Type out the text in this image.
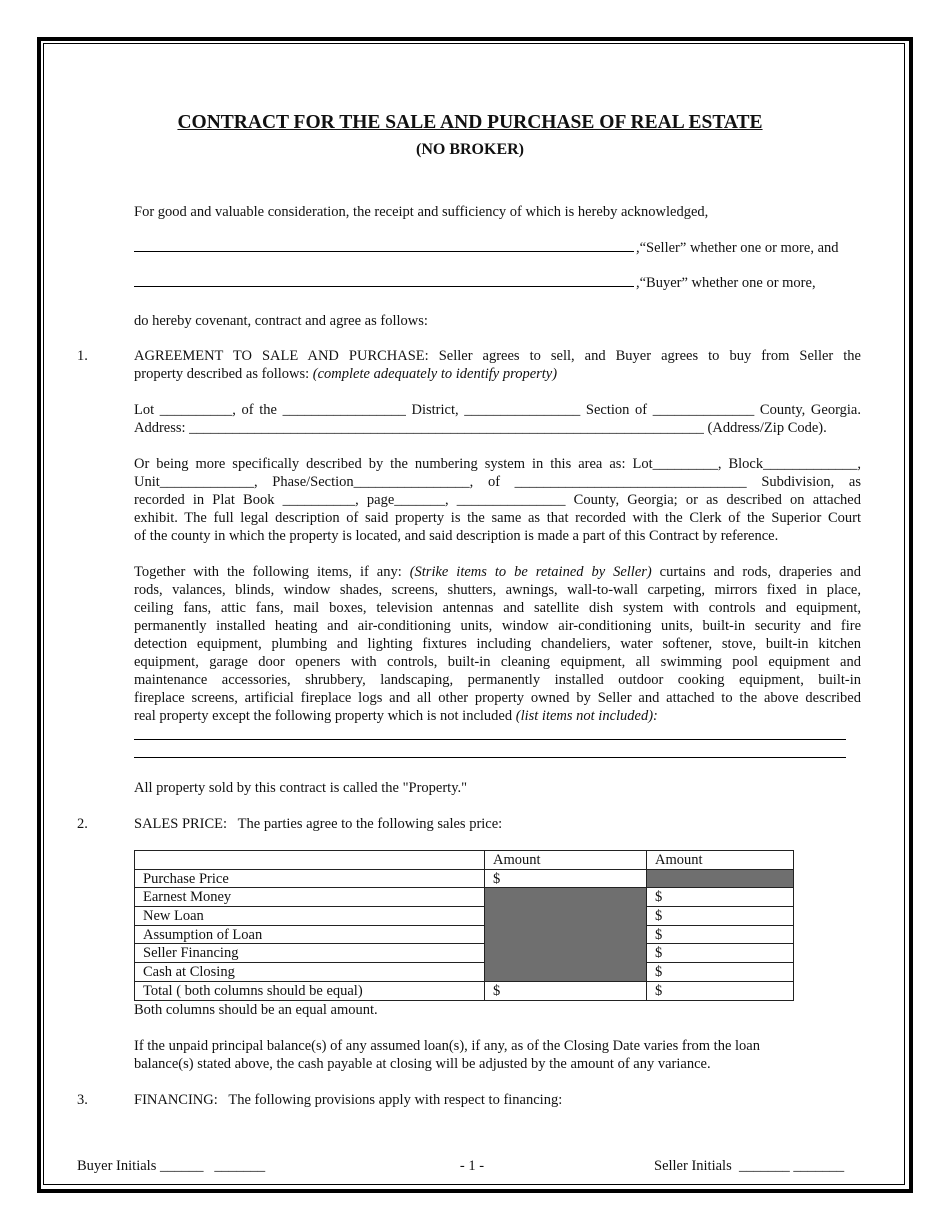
CONTRACT FOR THE SALE AND PURCHASE OF REAL ESTATE
(NO BROKER)
For good and valuable consideration, the receipt and sufficiency of which is hereby acknowledged,
,“Seller” whether one or more, and
,“Buyer” whether one or more,
do hereby covenant, contract and agree as follows:
1.	AGREEMENT TO SALE AND PURCHASE: Seller agrees to sell, and Buyer agrees to buy from Seller the
property described as follows: (complete adequately to identify property)
Lot __________, of the _________________ District, ________________ Section of ______________ County, Georgia.
Address: _______________________________________________________________________ (Address/Zip Code).
Or being more specifically described by the numbering system in this area as: Lot_________, Block_____________,
Unit_____________, Phase/Section________________, of ________________________________ Subdivision, as
recorded in Plat Book __________, page_______, _______________ County, Georgia; or as described on attached
exhibit. The full legal description of said property is the same as that recorded with the Clerk of the Superior Court
of the county in which the property is located, and said description is made a part of this Contract by reference.
Together with the following items, if any: (Strike items to be retained by Seller) curtains and rods, draperies and
rods, valances, blinds, window shades, screens, shutters, awnings, wall-to-wall carpeting, mirrors fixed in place,
ceiling fans, attic fans, mail boxes, television antennas and satellite dish system with controls and equipment,
permanently installed heating and air-conditioning units, window air-conditioning units, built-in security and fire
detection equipment, plumbing and lighting fixtures including chandeliers, water softener, stove, built-in kitchen
equipment, garage door openers with controls, built-in cleaning equipment, all swimming pool equipment and
maintenance accessories, shrubbery, landscaping, permanently installed outdoor cooking equipment, built-in
fireplace screens, artificial fireplace logs and all other property owned by Seller and attached to the above described
real property except the following property which is not included (list items not included):
All property sold by this contract is called the "Property."
2.	SALES PRICE:   The parties agree to the following sales price:
	Amount	Amount
Purchase Price	$	
Earnest Money		$
New Loan		$
Assumption of Loan		$
Seller Financing		$
Cash at Closing		$
Total ( both columns should be equal)	$	$
Both columns should be an equal amount.
If the unpaid principal balance(s) of any assumed loan(s), if any, as of the Closing Date varies from the loan
balance(s) stated above, the cash payable at closing will be adjusted by the amount of any variance.
3.	FINANCING:   The following provisions apply with respect to financing:
Buyer Initials ______   _______	- 1 -	Seller Initials  _______ _______
